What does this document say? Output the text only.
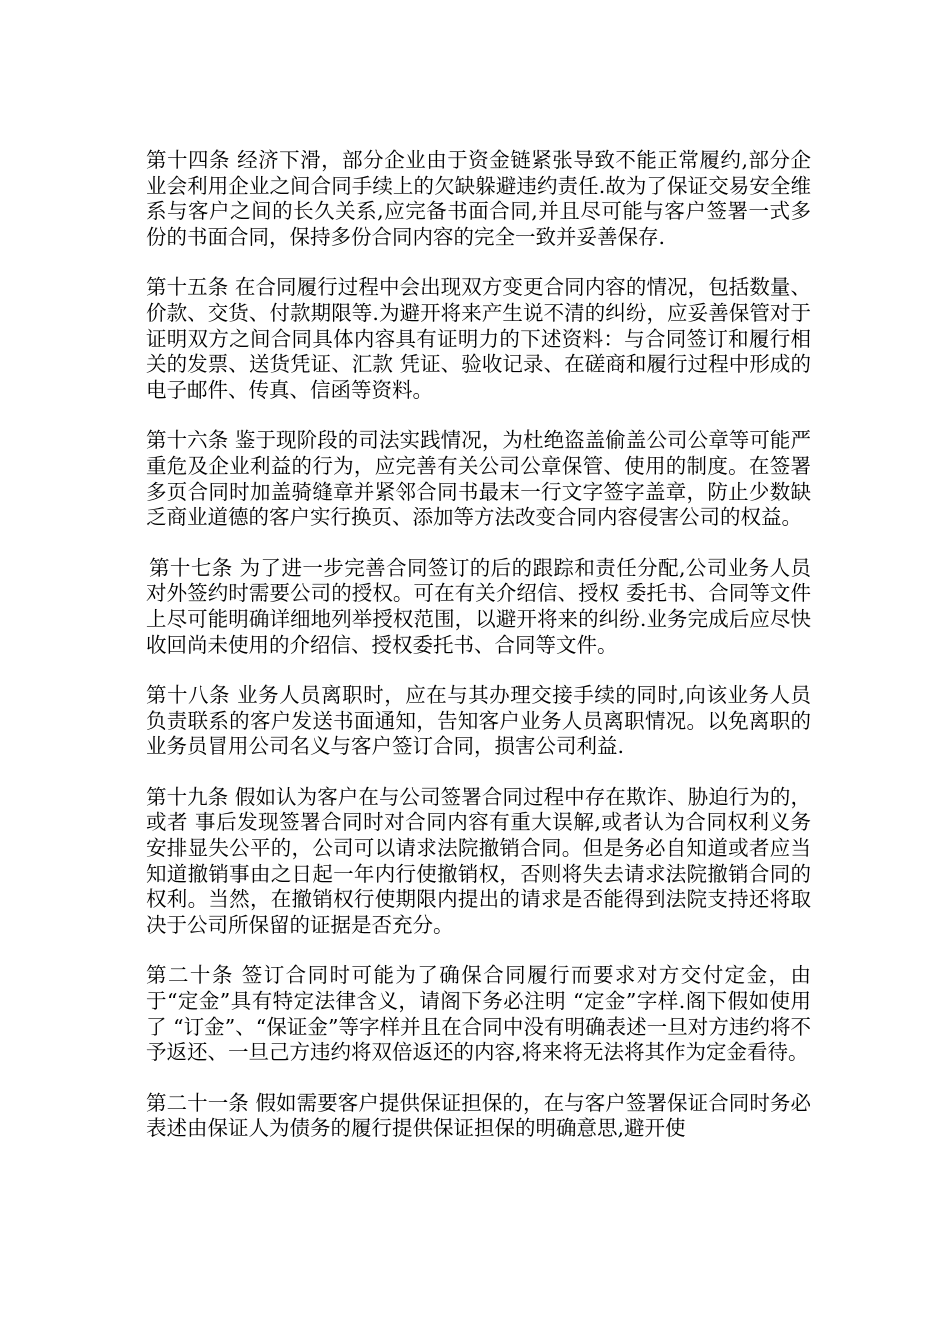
第十四条 经济下滑，部分企业由于资金链紧张导致不能正常履约,部分企业会利用企业之间合同手续上的欠缺躲避违约责任.故为了保证交易安全维系与客户之间的长久关系,应完备书面合同,并且尽可能与客户签署一式多份的书面合同，保持多份合同内容的完全一致并妥善保存.

第十五条 在合同履行过程中会出现双方变更合同内容的情况，包括数量、价款、交货、付款期限等.为避开将来产生说不清的纠纷，应妥善保管对于证明双方之间合同具体内容具有证明力的下述资料：与合同签订和履行相关的发票、送货凭证、汇款 凭证、验收记录、在磋商和履行过程中形成的电子邮件、传真、信函等资料。

第十六条 鉴于现阶段的司法实践情况，为杜绝盗盖偷盖公司公章等可能严重危及企业利益的行为，应完善有关公司公章保管、使用的制度。在签署多页合同时加盖骑缝章并紧邻合同书最末一行文字签字盖章，防止少数缺乏商业道德的客户实行换页、添加等方法改变合同内容侵害公司的权益。

第十七条 为了进一步完善合同签订的后的跟踪和责任分配,公司业务人员对外签约时需要公司的授权。可在有关介绍信、授权 委托书、合同等文件上尽可能明确详细地列举授权范围，以避开将来的纠纷.业务完成后应尽快收回尚未使用的介绍信、授权委托书、合同等文件。

第十八条 业务人员离职时，应在与其办理交接手续的同时,向该业务人员负责联系的客户发送书面通知，告知客户业务人员离职情况。以免离职的业务员冒用公司名义与客户签订合同，损害公司利益.

第十九条 假如认为客户在与公司签署合同过程中存在欺诈、胁迫行为的，或者 事后发现签署合同时对合同内容有重大误解,或者认为合同权利义务安排显失公平的，公司可以请求法院撤销合同。但是务必自知道或者应当知道撤销事由之日起一年内行使撤销权，否则将失去请求法院撤销合同的权利。当然，在撤销权行使期限内提出的请求是否能得到法院支持还将取决于公司所保留的证据是否充分。

第二十条 签订合同时可能为了确保合同履行而要求对方交付定金，由于“定金”具有特定法律含义，请阁下务必注明 “定金”字样.阁下假如使用了 “订金”、“保证金”等字样并且在合同中没有明确表述一旦对方违约将不予返还、一旦己方违约将双倍返还的内容,将来将无法将其作为定金看待。

第二十一条 假如需要客户提供保证担保的，在与客户签署保证合同时务必表述由保证人为债务的履行提供保证担保的明确意思,避开使
